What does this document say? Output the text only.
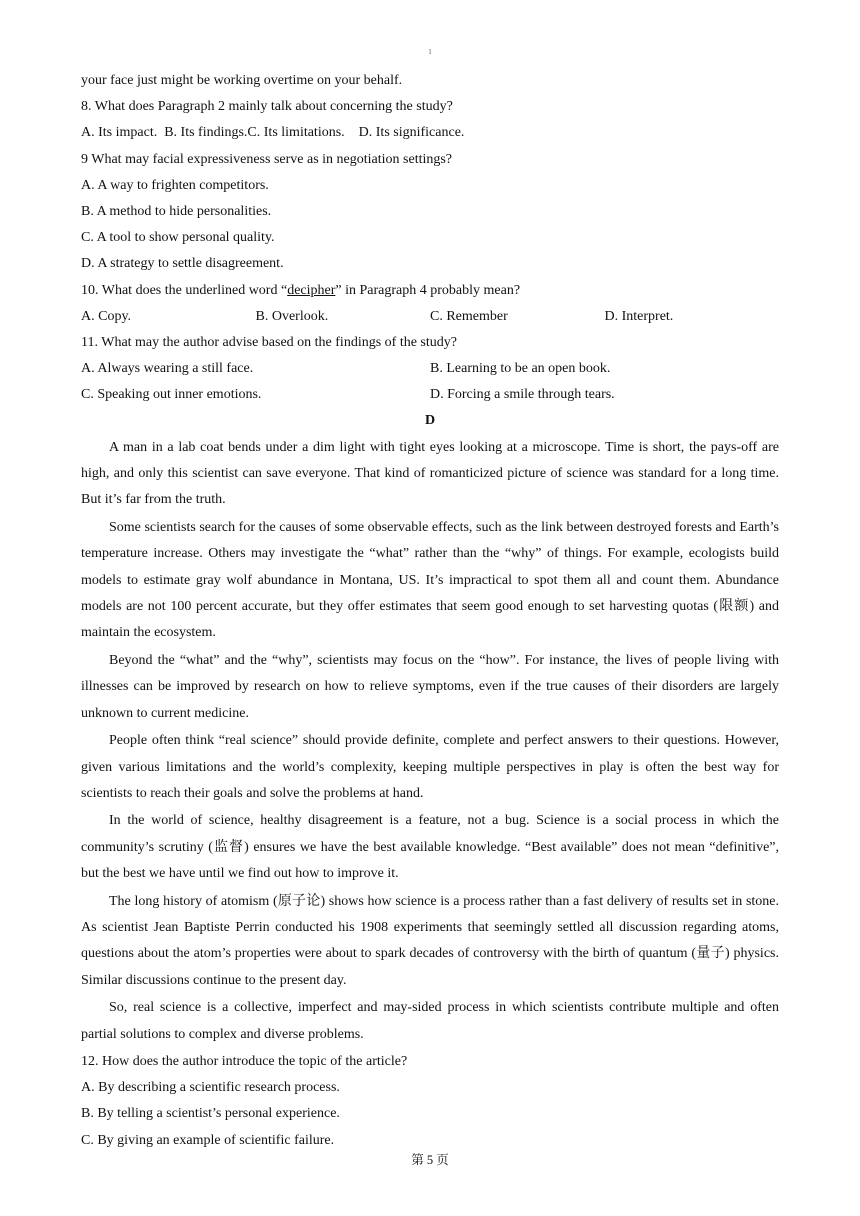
1
your face just might be working overtime on your behalf.
8. What does Paragraph 2 mainly talk about concerning the study?
A. Its impact.  B. Its findings.C. Its limitations.    D. Its significance.
9 What may facial expressiveness serve as in negotiation settings?
A. A way to frighten competitors.
B. A method to hide personalities.
C. A tool to show personal quality.
D. A strategy to settle disagreement.
10. What does the underlined word “decipher” in Paragraph 4 probably mean?
A. Copy.	B. Overlook.	C. Remember	D. Interpret.
11. What may the author advise based on the findings of the study?
A. Always wearing a still face.	B. Learning to be an open book.
C. Speaking out inner emotions.	D. Forcing a smile through tears.
D

A man in a lab coat bends under a dim light with tight eyes looking at a microscope. Time is short, the pays-off are high, and only this scientist can save everyone. That kind of romanticized picture of science was standard for a long time. But it’s far from the truth.

Some scientists search for the causes of some observable effects, such as the link between destroyed forests and Earth’s temperature increase. Others may investigate the “what” rather than the “why” of things. For example, ecologists build models to estimate gray wolf abundance in Montana, US. It’s impractical to spot them all and count them. Abundance models are not 100 percent accurate, but they offer estimates that seem good enough to set harvesting quotas (限额) and maintain the ecosystem.

Beyond the “what” and the “why”, scientists may focus on the “how”. For instance, the lives of people living with    illnesses can be improved by research on how to relieve symptoms, even if the true causes of their disorders are largely unknown to current medicine.

People often think “real science” should provide definite, complete and perfect answers to their questions. However, given various limitations and the world’s complexity, keeping multiple perspectives in play is often the best way for scientists to reach their goals and solve the problems at hand.

In the world of science, healthy disagreement is a feature, not a bug. Science is a social process in which the community’s scrutiny (监督) ensures we have the best available knowledge. “Best available” does not mean “definitive”, but the best we have until we find out how to improve it.

The long history of atomism (原子论) shows how science is a process rather than a fast delivery of results set in stone. As scientist Jean Baptiste Perrin conducted his 1908 experiments that seemingly settled all discussion regarding atoms, questions about the atom’s properties were about to spark decades of controversy with the birth of quantum (量子) physics. Similar discussions continue to the present day.

So, real science is a collective, imperfect and may-sided process in which scientists contribute multiple and often partial solutions to complex and diverse problems.

12. How does the author introduce the topic of the article?
A. By describing a scientific research process.
B. By telling a scientist’s personal experience.
C. By giving an example of scientific failure.
第 5 页
